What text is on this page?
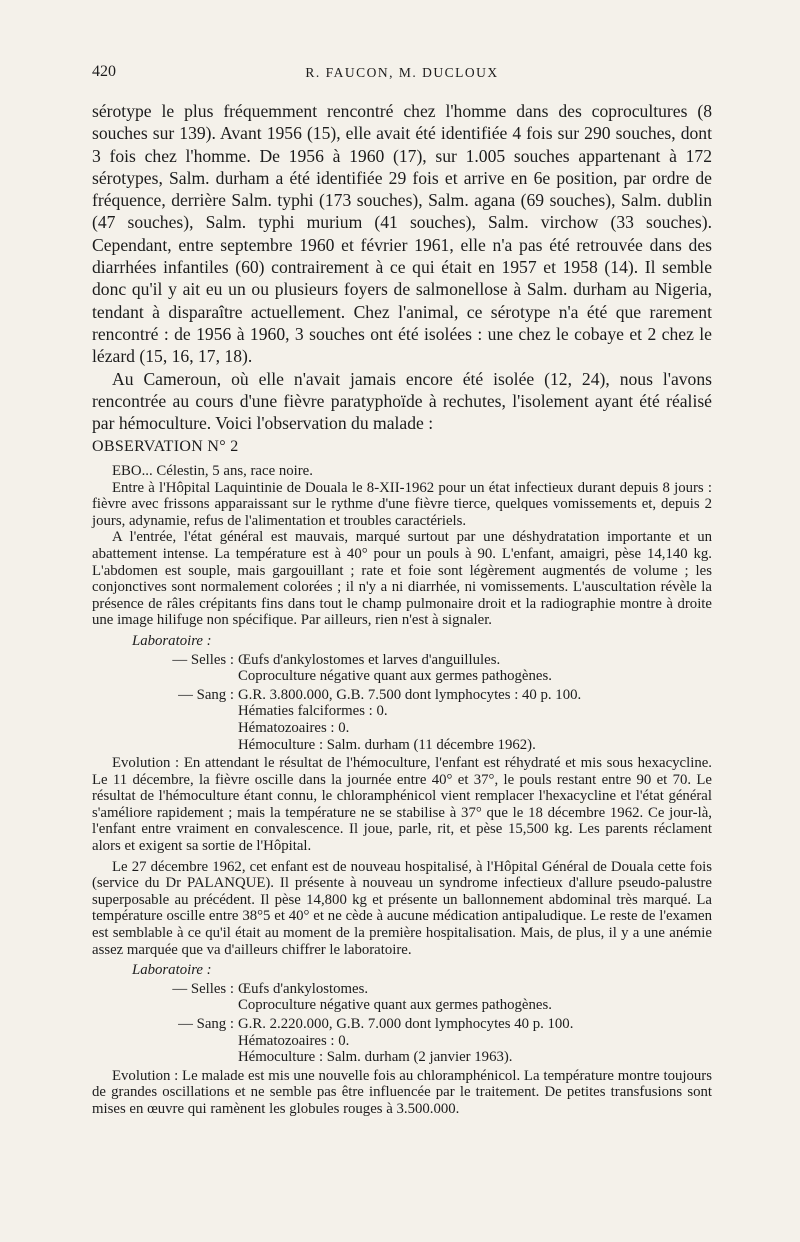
420	R. FAUCON, M. DUCLOUX

sérotype le plus fréquemment rencontré chez l'homme dans des coprocultures (8 souches sur 139). Avant 1956 (15), elle avait été identifiée 4 fois sur 290 souches, dont 3 fois chez l'homme. De 1956 à 1960 (17), sur 1.005 souches appartenant à 172 sérotypes, Salm. durham a été identifiée 29 fois et arrive en 6e position, par ordre de fréquence, derrière Salm. typhi (173 souches), Salm. agana (69 souches), Salm. dublin (47 souches), Salm. typhi murium (41 souches), Salm. virchow (33 souches). Cependant, entre septembre 1960 et février 1961, elle n'a pas été retrouvée dans des diarrhées infantiles (60) contrairement à ce qui était en 1957 et 1958 (14). Il semble donc qu'il y ait eu un ou plusieurs foyers de salmonellose à Salm. durham au Nigeria, tendant à disparaître actuellement. Chez l'animal, ce sérotype n'a été que rarement rencontré : de 1956 à 1960, 3 souches ont été isolées : une chez le cobaye et 2 chez le lézard (15, 16, 17, 18).

Au Cameroun, où elle n'avait jamais encore été isolée (12, 24), nous l'avons rencontrée au cours d'une fièvre paratyphoïde à rechutes, l'isolement ayant été réalisé par hémoculture. Voici l'observation du malade :

OBSERVATION N° 2

EBO... Célestin, 5 ans, race noire.

Entre à l'Hôpital Laquintinie de Douala le 8-XII-1962 pour un état infectieux durant depuis 8 jours : fièvre avec frissons apparaissant sur le rythme d'une fièvre tierce, quelques vomissements et, depuis 2 jours, adynamie, refus de l'alimentation et troubles caractériels.

A l'entrée, l'état général est mauvais, marqué surtout par une déshydratation importante et un abattement intense. La température est à 40° pour un pouls à 90. L'enfant, amaigri, pèse 14,140 kg. L'abdomen est souple, mais gargouillant ; rate et foie sont légèrement augmentés de volume ; les conjonctives sont normalement colorées ; il n'y a ni diarrhée, ni vomissements. L'auscultation révèle la présence de râles crépitants fins dans tout le champ pulmonaire droit et la radiographie montre à droite une image hilifuge non spécifique. Par ailleurs, rien n'est à signaler.

Laboratoire :

— Selles : Œufs d'ankylostomes et larves d'anguillules.
Coproculture négative quant aux germes pathogènes.
— Sang : G.R. 3.800.000, G.B. 7.500 dont lymphocytes : 40 p. 100.
Hématies falciformes : 0.
Hématozoaires : 0.
Hémoculture : Salm. durham (11 décembre 1962).

Evolution : En attendant le résultat de l'hémoculture, l'enfant est réhydraté et mis sous hexacycline. Le 11 décembre, la fièvre oscille dans la journée entre 40° et 37°, le pouls restant entre 90 et 70. Le résultat de l'hémoculture étant connu, le chloramphénicol vient remplacer l'hexacycline et l'état général s'améliore rapidement ; mais la température ne se stabilise à 37° que le 18 décembre 1962. Ce jour-là, l'enfant entre vraiment en convalescence. Il joue, parle, rit, et pèse 15,500 kg. Les parents réclament alors et exigent sa sortie de l'Hôpital.

Le 27 décembre 1962, cet enfant est de nouveau hospitalisé, à l'Hôpital Général de Douala cette fois (service du Dr PALANQUE). Il présente à nouveau un syndrome infectieux d'allure pseudo-palustre superposable au précédent. Il pèse 14,800 kg et présente un ballonnement abdominal très marqué. La température oscille entre 38°5 et 40° et ne cède à aucune médication antipaludique. Le reste de l'examen est semblable à ce qu'il était au moment de la première hospitalisation. Mais, de plus, il y a une anémie assez marquée que va d'ailleurs chiffrer le laboratoire.

Laboratoire :

— Selles : Œufs d'ankylostomes.
Coproculture négative quant aux germes pathogènes.
— Sang : G.R. 2.220.000, G.B. 7.000 dont lymphocytes 40 p. 100.
Hématozoaires : 0.
Hémoculture : Salm. durham (2 janvier 1963).

Evolution : Le malade est mis une nouvelle fois au chloramphénicol. La température montre toujours de grandes oscillations et ne semble pas être influencée par le traitement. De petites transfusions sont mises en œuvre qui ramènent les globules rouges à 3.500.000.
